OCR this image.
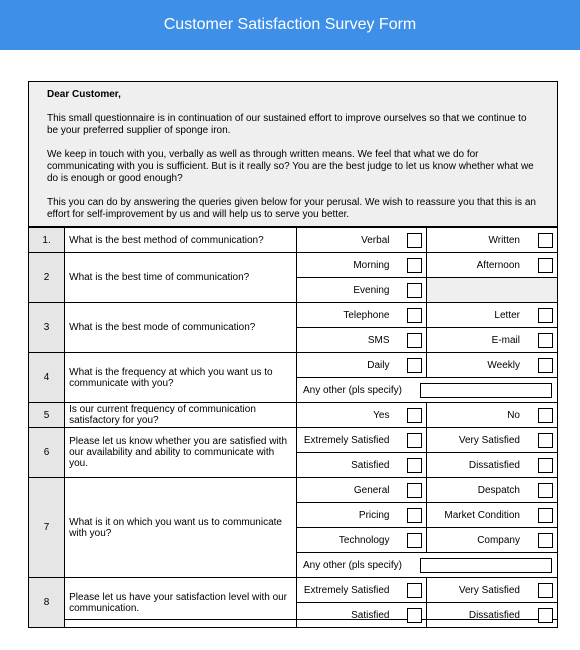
Customer Satisfaction Survey Form

Dear Customer,

This small questionnaire is in continuation of our sustained effort to improve ourselves so that we continue to be your preferred supplier of sponge iron.

We keep in touch with you, verbally as well as through written means. We feel that what we do for communicating with you is sufficient. But is it really so? You are the best judge to let us know whether what we do is enough or good enough?

This you can do by answering the queries given below for your perusal. We wish to reassure you that this is an effort for self-improvement by us and will help us to serve you better.

1.	What is the best method of communication?	Verbal	Written

2	What is the best time of communication?	Morning	Afternoon

		Evening	

3	What is the best mode of communication?	Telephone	Letter

		SMS	E-mail

4	What is the frequency at which you want us to communicate with you?	Daily	Weekly

		Any other (pls specify)	

5	Is our current frequency of communication satisfactory for you?	Yes	No

6	Please let us know whether you are satisfied with our availability and ability to communicate with you.	Extremely Satisfied	Very Satisfied

		Satisfied	Dissatisfied

7	What is it on which you want us to communicate with you?	General	Despatch

		Pricing	Market Condition

		Technology	Company

		Any other (pls specify)	

8	Please let us have your satisfaction level with our communication.	Extremely Satisfied	Very Satisfied

		Satisfied	Dissatisfied
